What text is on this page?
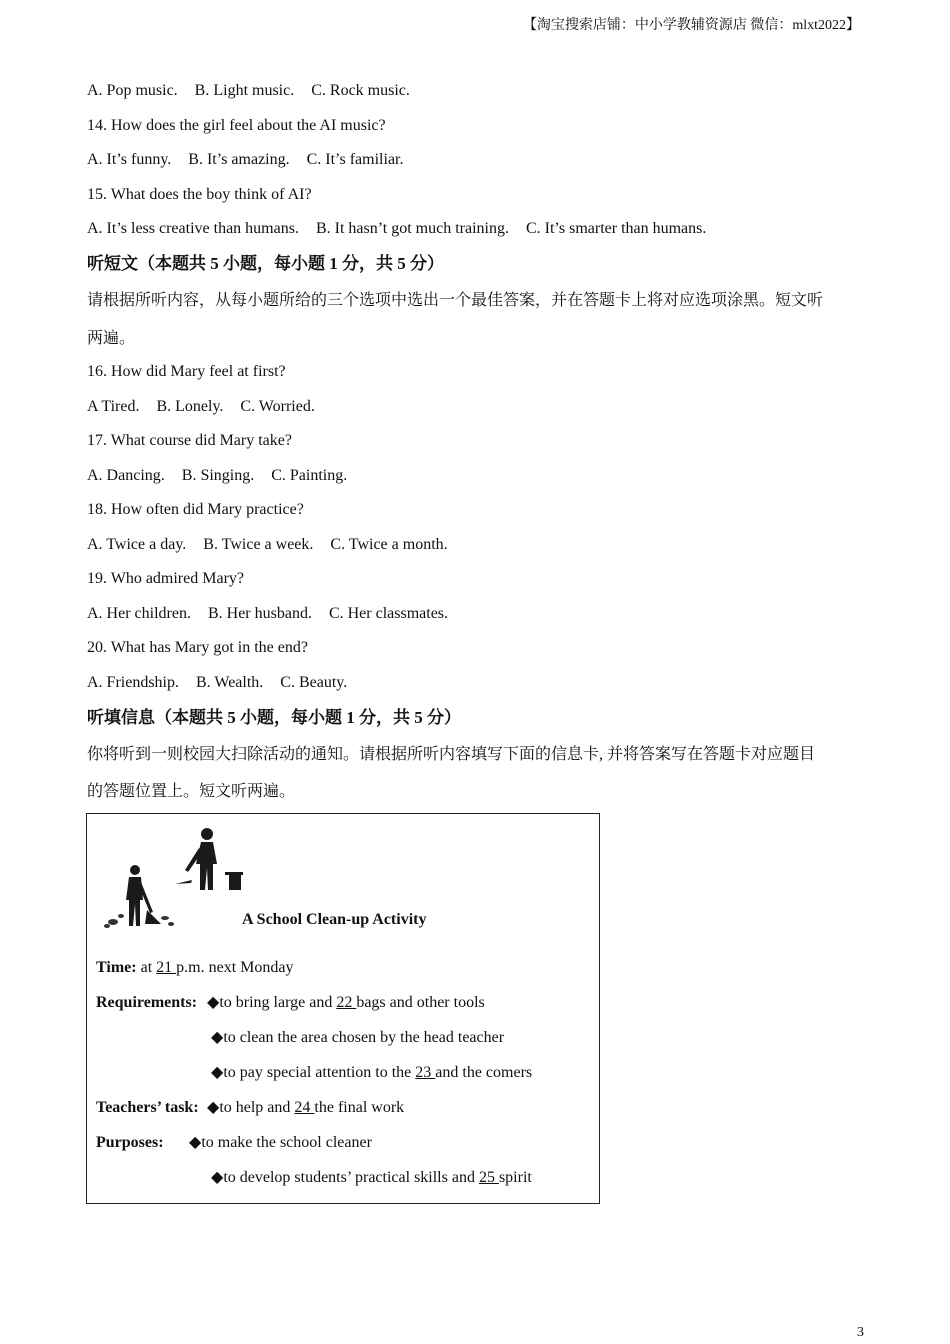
【淘宝搜索店铺：中小学教辅资源店 微信：mlxt2022】
A. Pop music. B. Light music. C. Rock music.
14. How does the girl feel about the AI music?
A. It’s funny. B. It’s amazing. C. It’s familiar.
15. What does the boy think of AI?
A. It’s less creative than humans. B. It hasn’t got much training. C. It’s smarter than humans.
听短文（本题共 5 小题，每小题 1 分，共 5 分）
请根据所听内容，从每小题所给的三个选项中选出一个最佳答案，并在答题卡上将对应选项涂黑。短文听
两遍。
16. How did Mary feel at first?
A Tired. B. Lonely. C. Worried.
17. What course did Mary take?
A. Dancing. B. Singing. C. Painting.
18. How often did Mary practice?
A. Twice a day. B. Twice a week. C. Twice a month.
19. Who admired Mary?
A. Her children. B. Her husband. C. Her classmates.
20. What has Mary got in the end?
A. Friendship. B. Wealth. C. Beauty.
听填信息（本题共 5 小题，每小题 1 分，共 5 分）
你将听到一则校园大扫除活动的通知。请根据所听内容填写下面的信息卡, 并将答案写在答题卡对应题目
的答题位置上。短文听两遍。
A School Clean-up Activity
Time: at 21 p.m. next Monday
Requirements: ◆to bring large and 22 bags and other tools
◆to clean the area chosen by the head teacher
◆to pay special attention to the 23 and the comers
Teachers’ task: ◆to help and 24 the final work
Purposes: ◆to make the school cleaner
◆to develop students’ practical skills and 25 spirit
3
